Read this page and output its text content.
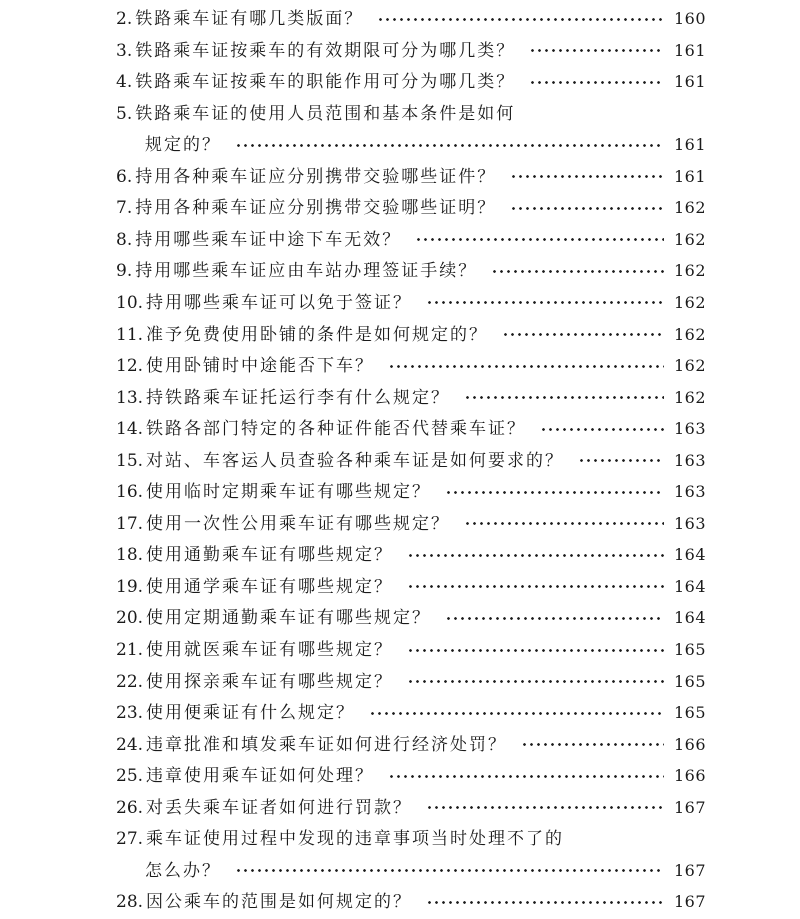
2. 铁路乘车证有哪几类版面？	160
3. 铁路乘车证按乘车的有效期限可分为哪几类？	161
4. 铁路乘车证按乘车的职能作用可分为哪几类？	161
5. 铁路乘车证的使用人员范围和基本条件是如何
规定的？	161
6. 持用各种乘车证应分别携带交验哪些证件？	161
7. 持用各种乘车证应分别携带交验哪些证明？	162
8. 持用哪些乘车证中途下车无效？	162
9. 持用哪些乘车证应由车站办理签证手续？	162
10. 持用哪些乘车证可以免于签证？	162
11. 准予免费使用卧铺的条件是如何规定的？	162
12. 使用卧铺时中途能否下车？	162
13. 持铁路乘车证托运行李有什么规定？	162
14. 铁路各部门特定的各种证件能否代替乘车证？	163
15. 对站、车客运人员查验各种乘车证是如何要求的？	163
16. 使用临时定期乘车证有哪些规定？	163
17. 使用一次性公用乘车证有哪些规定？	163
18. 使用通勤乘车证有哪些规定？	164
19. 使用通学乘车证有哪些规定？	164
20. 使用定期通勤乘车证有哪些规定？	164
21. 使用就医乘车证有哪些规定？	165
22. 使用探亲乘车证有哪些规定？	165
23. 使用便乘证有什么规定？	165
24. 违章批准和填发乘车证如何进行经济处罚？	166
25. 违章使用乘车证如何处理？	166
26. 对丢失乘车证者如何进行罚款？	167
27. 乘车证使用过程中发现的违章事项当时处理不了的
怎么办？	167
28. 因公乘车的范围是如何规定的？	167
